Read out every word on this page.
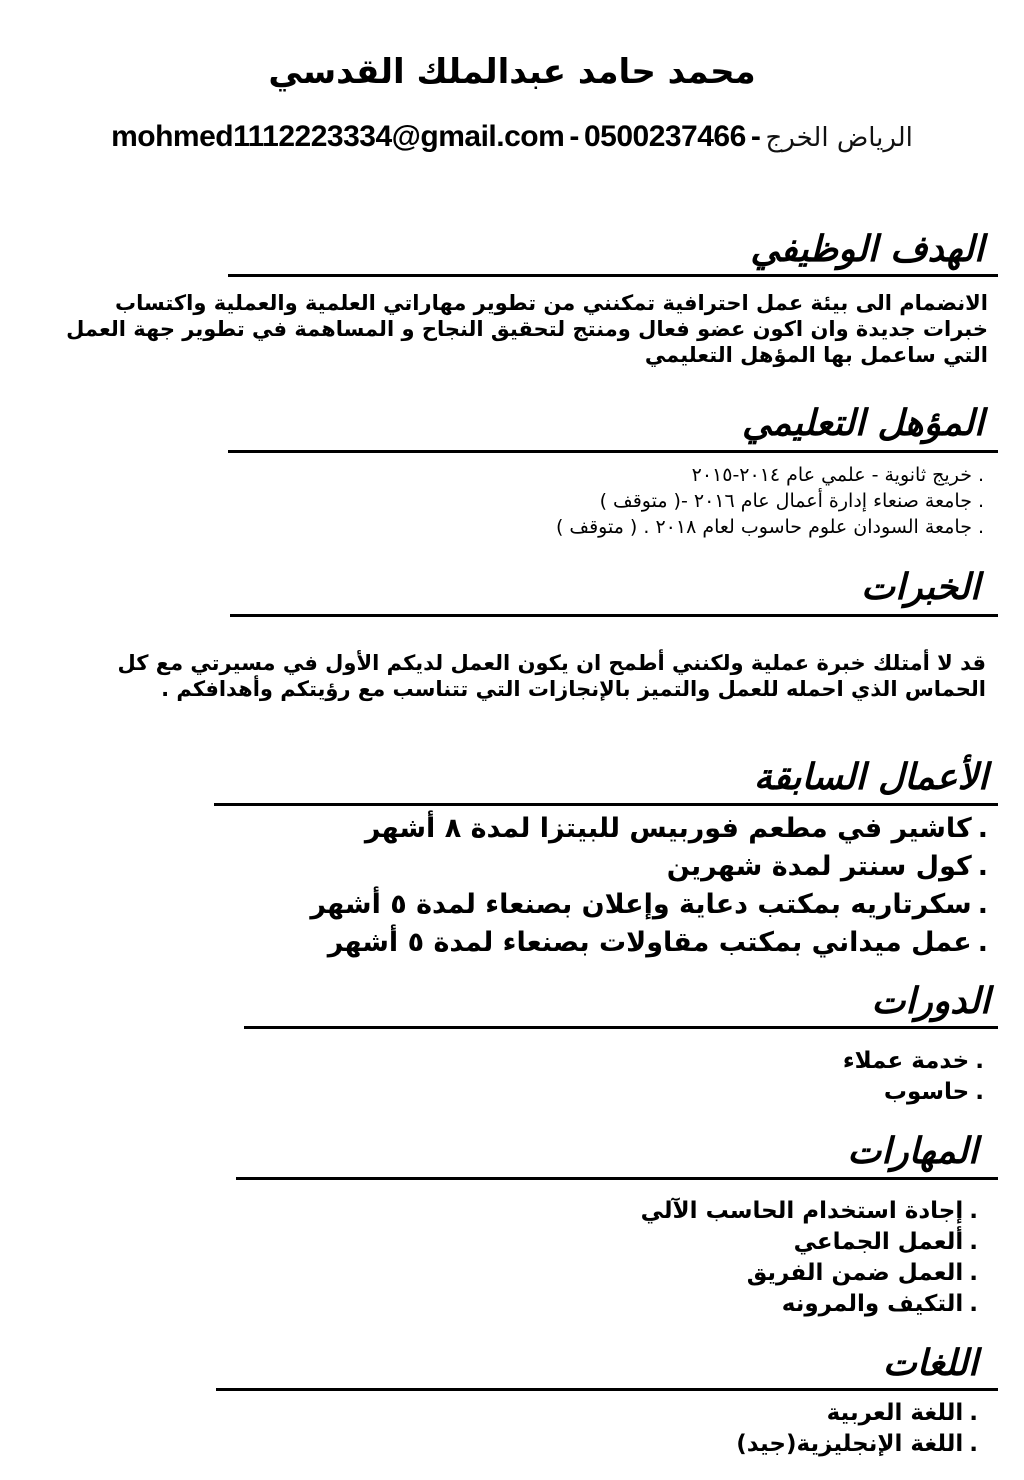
محمد حامد عبدالملك القدسي
mohmed1112223334@gmail.com - 0500237466 - الرياض الخرج
الهدف الوظيفي
الانضمام الى بيئة عمل احترافية تمكنني من تطوير مهاراتي العلمية والعملية واكتساب خبرات جديدة وان اكون عضو فعال ومنتج لتحقيق النجاح و المساهمة في تطوير جهة العمل التي ساعمل بها المؤهل التعليمي
المؤهل التعليمي
.خريج ثانوية - علمي عام ٢٠١٤-٢٠١٥
.جامعة صنعاء إدارة أعمال عام ٢٠١٦ -( متوقف )
.جامعة السودان علوم حاسوب لعام ٢٠١٨ . ( متوقف )
الخبرات
قد لا أمتلك خبرة عملية ولكنني أطمح ان يكون العمل لديكم الأول في مسيرتي مع كل الحماس الذي احمله للعمل والتميز بالإنجازات التي تتناسب مع رؤيتكم وأهدافكم .
الأعمال السابقة
.كاشير في مطعم فوربيس للبيتزا لمدة ٨ أشهر
.كول سنتر لمدة شهرين
.سكرتاريه بمكتب دعاية وإعلان بصنعاء لمدة ٥ أشهر
.عمل ميداني بمكتب مقاولات بصنعاء لمدة ٥ أشهر
الدورات
.خدمة عملاء
.حاسوب
المهارات
.إجادة استخدام الحاسب الآلي
.ألعمل الجماعي
.العمل ضمن الفريق
.التكيف والمرونه
اللغات
.اللغة العربية
.اللغة الإنجليزية(جيد)
